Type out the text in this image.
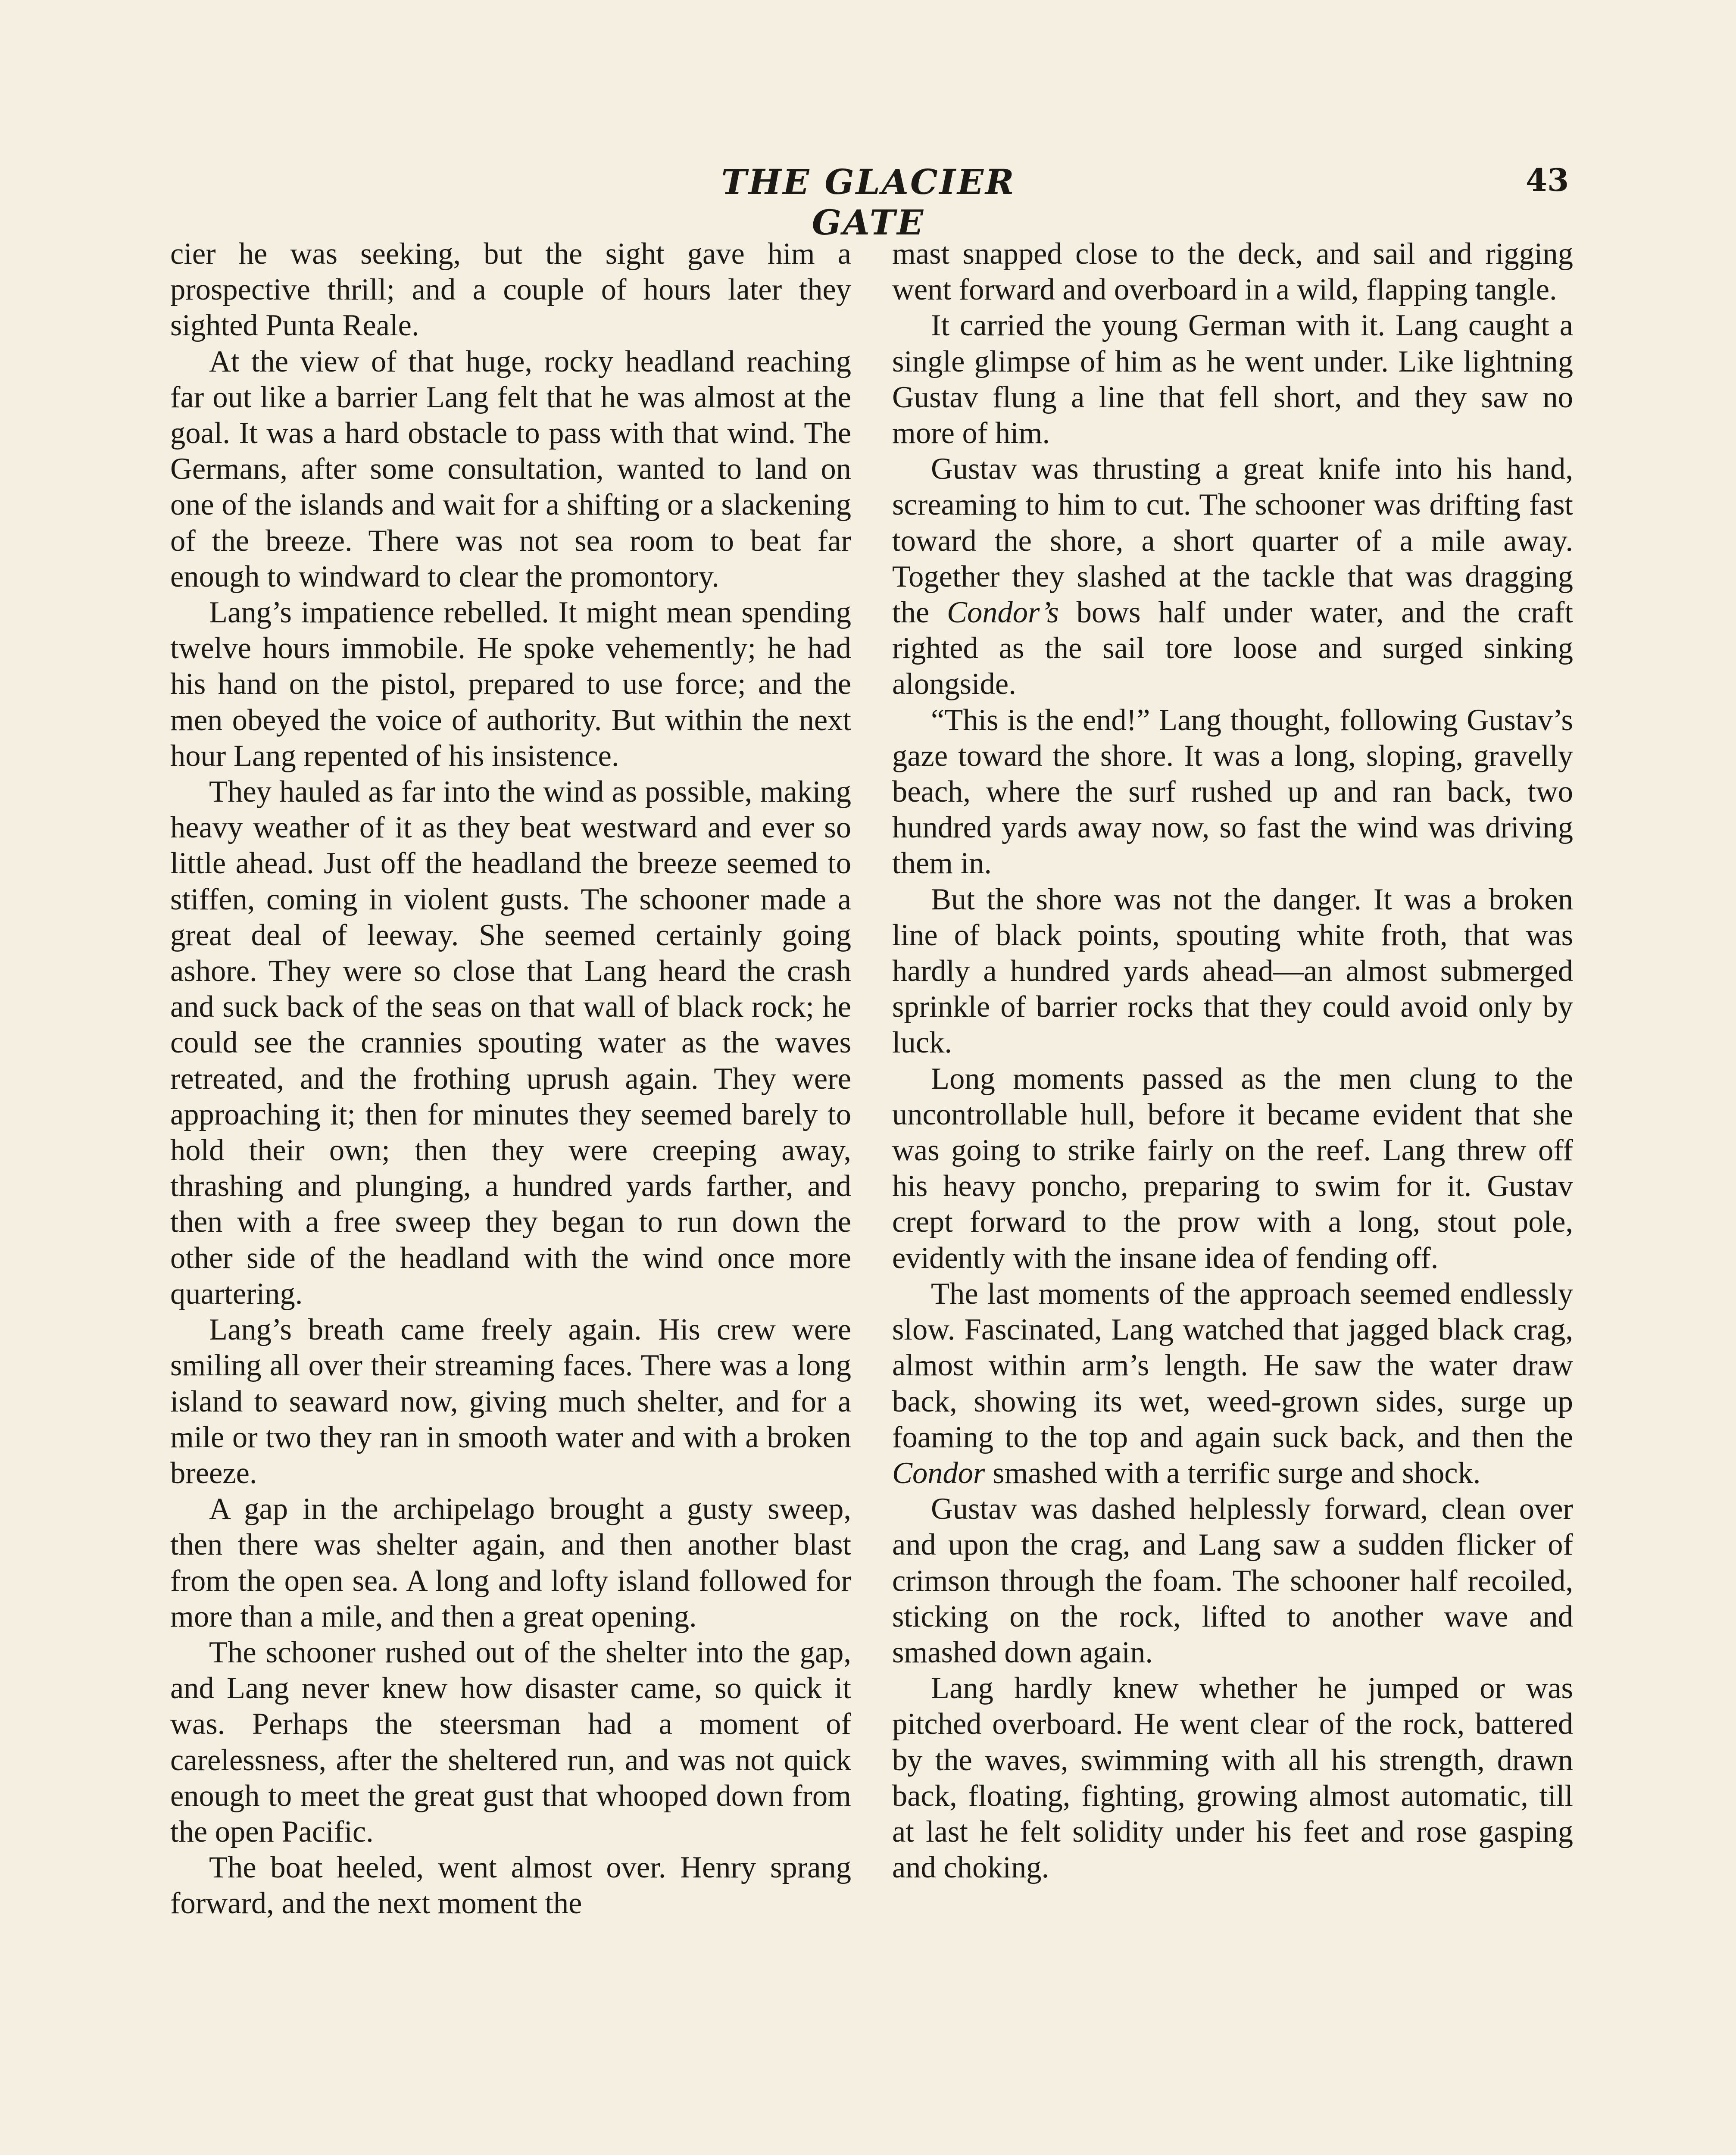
THE GLACIER GATE
43

cier he was seeking, but the sight gave him a prospective thrill; and a couple of hours later they sighted Punta Reale.

At the view of that huge, rocky headland reaching far out like a barrier Lang felt that he was almost at the goal. It was a hard obstacle to pass with that wind. The Germans, after some consultation, wanted to land on one of the islands and wait for a shifting or a slackening of the breeze. There was not sea room to beat far enough to windward to clear the promontory.

Lang’s impatience rebelled. It might mean spending twelve hours immobile. He spoke vehemently; he had his hand on the pistol, prepared to use force; and the men obeyed the voice of authority. But within the next hour Lang repented of his insistence.

They hauled as far into the wind as possible, making heavy weather of it as they beat westward and ever so little ahead. Just off the headland the breeze seemed to stiffen, coming in violent gusts. The schooner made a great deal of leeway. She seemed certainly going ashore. They were so close that Lang heard the crash and suck back of the seas on that wall of black rock; he could see the crannies spouting water as the waves retreated, and the frothing uprush again. They were approaching it; then for minutes they seemed barely to hold their own; then they were creeping away, thrashing and plunging, a hundred yards farther, and then with a free sweep they began to run down the other side of the headland with the wind once more quartering.

Lang’s breath came freely again. His crew were smiling all over their streaming faces. There was a long island to seaward now, giving much shelter, and for a mile or two they ran in smooth water and with a broken breeze.

A gap in the archipelago brought a gusty sweep, then there was shelter again, and then another blast from the open sea. A long and lofty island followed for more than a mile, and then a great opening.

The schooner rushed out of the shelter into the gap, and Lang never knew how disaster came, so quick it was. Perhaps the steersman had a moment of carelessness, after the sheltered run, and was not quick enough to meet the great gust that whooped down from the open Pacific.

The boat heeled, went almost over. Henry sprang forward, and the next moment the

mast snapped close to the deck, and sail and rigging went forward and overboard in a wild, flapping tangle.

It carried the young German with it. Lang caught a single glimpse of him as he went under. Like lightning Gustav flung a line that fell short, and they saw no more of him.

Gustav was thrusting a great knife into his hand, screaming to him to cut. The schooner was drifting fast toward the shore, a short quarter of a mile away. Together they slashed at the tackle that was dragging the Condor’s bows half under water, and the craft righted as the sail tore loose and surged sinking alongside.

“This is the end!” Lang thought, following Gustav’s gaze toward the shore. It was a long, sloping, gravelly beach, where the surf rushed up and ran back, two hundred yards away now, so fast the wind was driving them in.

But the shore was not the danger. It was a broken line of black points, spouting white froth, that was hardly a hundred yards ahead—an almost submerged sprinkle of barrier rocks that they could avoid only by luck.

Long moments passed as the men clung to the uncontrollable hull, before it became evident that she was going to strike fairly on the reef. Lang threw off his heavy poncho, preparing to swim for it. Gustav crept forward to the prow with a long, stout pole, evidently with the insane idea of fending off.

The last moments of the approach seemed endlessly slow. Fascinated, Lang watched that jagged black crag, almost within arm’s length. He saw the water draw back, showing its wet, weed-grown sides, surge up foaming to the top and again suck back, and then the Condor smashed with a terrific surge and shock.

Gustav was dashed helplessly forward, clean over and upon the crag, and Lang saw a sudden flicker of crimson through the foam. The schooner half recoiled, sticking on the rock, lifted to another wave and smashed down again.

Lang hardly knew whether he jumped or was pitched overboard. He went clear of the rock, battered by the waves, swimming with all his strength, drawn back, floating, fighting, growing almost automatic, till at last he felt solidity under his feet and rose gasping and choking.
